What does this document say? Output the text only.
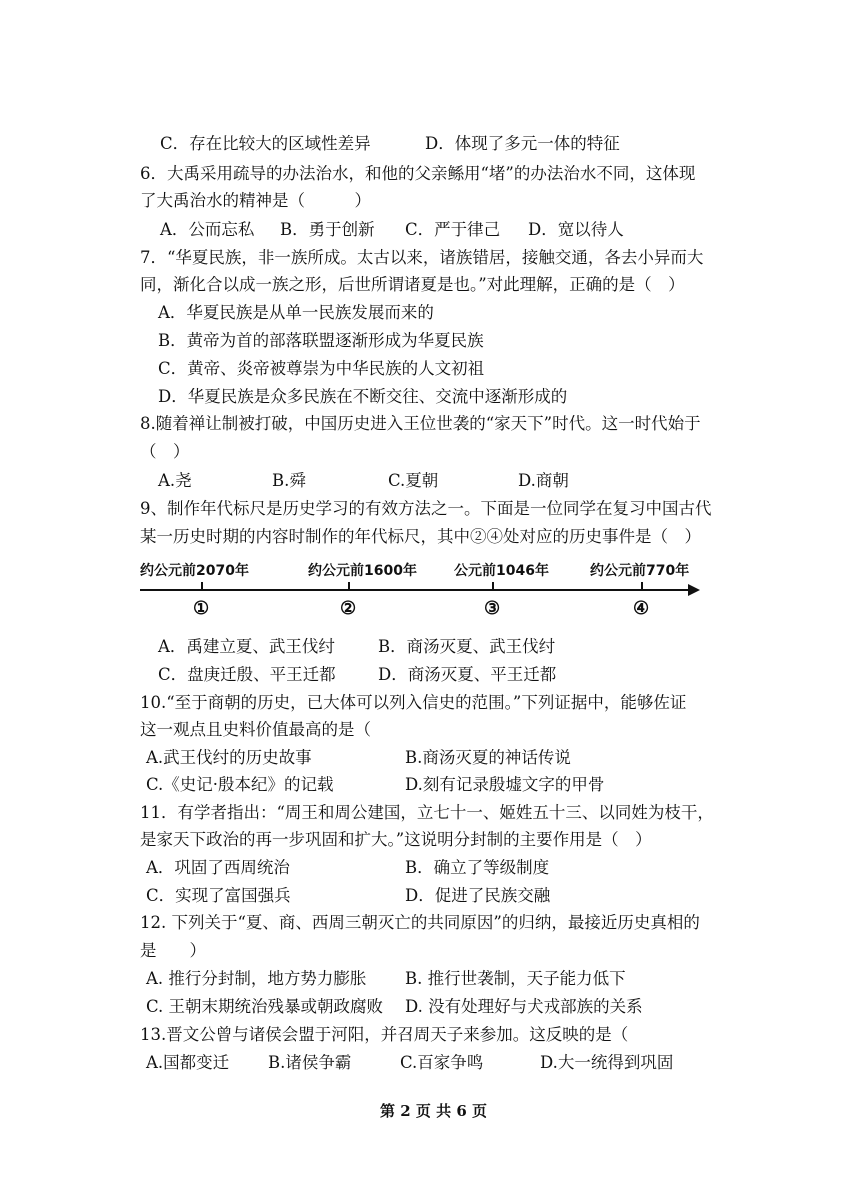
C．存在比较大的区域性差异	D．体现了多元一体的特征
6．大禹采用疏导的办法治水，和他的父亲鲧用“堵”的办法治水不同，这体现
了大禹治水的精神是（　　　）
A．公而忘私 B．勇于创新 C．严于律己 D．宽以待人
7．“华夏民族，非一族所成。太古以来，诸族错居，接触交通，各去小异而大
同，渐化合以成一族之形，后世所谓诸夏是也。”对此理解，正确的是（　）
A．华夏民族是从单一民族发展而来的
B．黄帝为首的部落联盟逐渐形成为华夏民族
C．黄帝、炎帝被尊崇为中华民族的人文初祖
D．华夏民族是众多民族在不断交往、交流中逐渐形成的
8.随着禅让制被打破，中国历史进入王位世袭的“家天下”时代。这一时代始于
（　）
A.尧	B.舜	C.夏朝	D.商朝
9、制作年代标尺是历史学习的有效方法之一。下面是一位同学在复习中国古代
某一历史时期的内容时制作的年代标尺，其中②④处对应的历史事件是（　）
约公元前2070年	约公元前1600年	公元前1046年	约公元前770年
①	②	③	④
A．禹建立夏、武王伐纣	B．商汤灭夏、武王伐纣
C．盘庚迁殷、平王迁都	D．商汤灭夏、平王迁都
10.“至于商朝的历史，已大体可以列入信史的范围。”下列证据中，能够佐证
这一观点且史料价值最高的是（
A.武王伐纣的历史故事	B.商汤灭夏的神话传说
C.《史记·殷本纪》的记载	D.刻有记录殷墟文字的甲骨
11．有学者指出：“周王和周公建国，立七十一、姬姓五十三、以同姓为枝干，
是家天下政治的再一步巩固和扩大。”这说明分封制的主要作用是（　）
A．巩固了西周统治	B．确立了等级制度
C．实现了富国强兵	D．促进了民族交融
12. 下列关于“夏、商、西周三朝灭亡的共同原因”的归纳，最接近历史真相的
是　　）
A. 推行分封制，地方势力膨胀 B. 推行世袭制，天子能力低下
C. 王朝末期统治残暴或朝政腐败 D. 没有处理好与犬戎部族的关系
13.晋文公曾与诸侯会盟于河阳，并召周天子来参加。这反映的是（
A.国都变迁 B.诸侯争霸	C.百家争鸣	D.大一统得到巩固
第 2 页 共 6 页
